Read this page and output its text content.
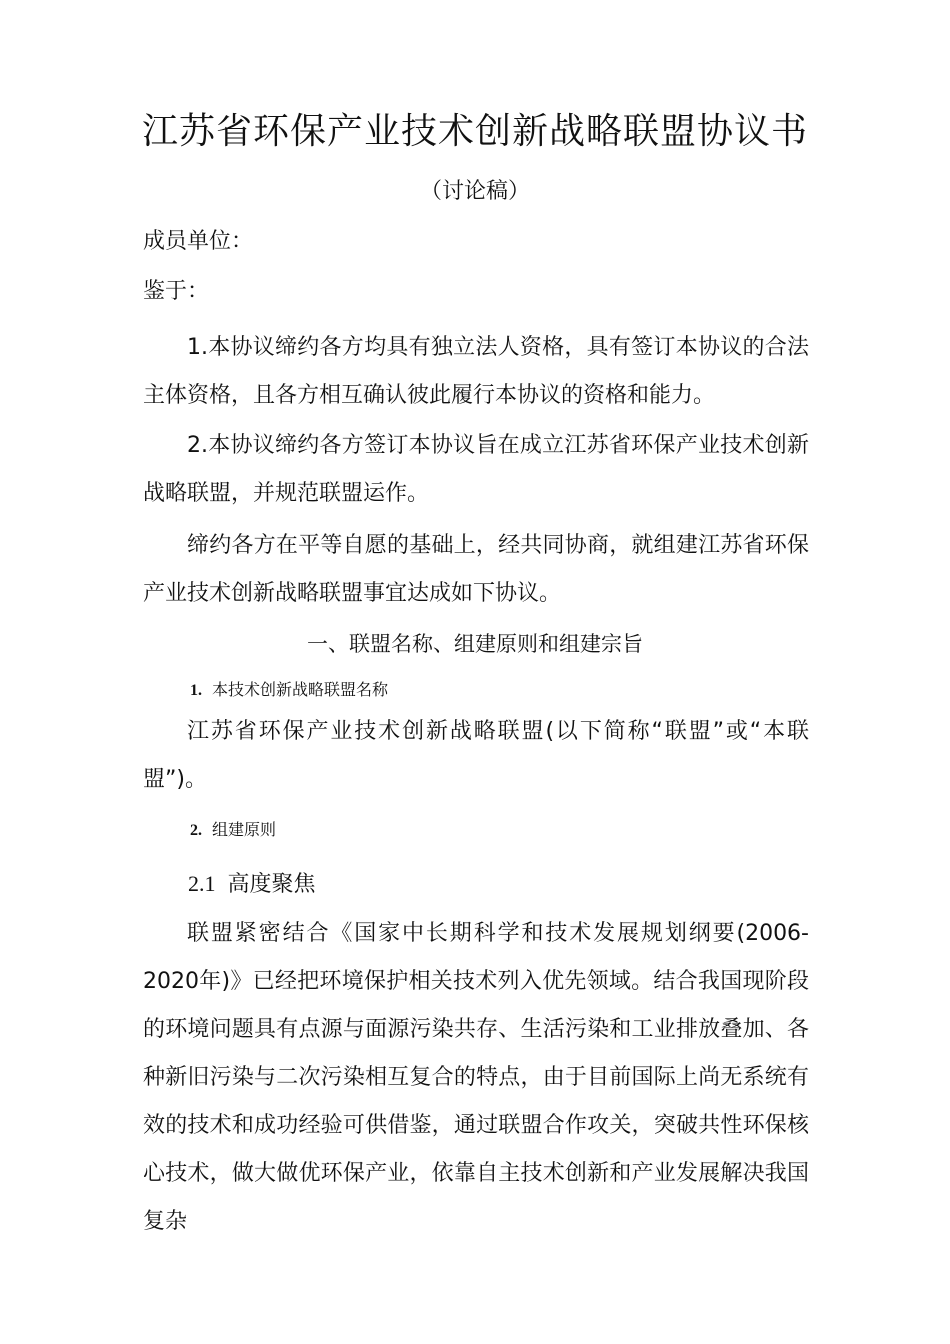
江苏省环保产业技术创新战略联盟协议书
（讨论稿）
成员单位：
鉴于：
1.本协议缔约各方均具有独立法人资格，具有签订本协议的合法主体资格，且各方相互确认彼此履行本协议的资格和能力。
2.本协议缔约各方签订本协议旨在成立江苏省环保产业技术创新战略联盟，并规范联盟运作。
缔约各方在平等自愿的基础上，经共同协商，就组建江苏省环保产业技术创新战略联盟事宜达成如下协议。
一、联盟名称、组建原则和组建宗旨
1. 本技术创新战略联盟名称
江苏省环保产业技术创新战略联盟(以下简称“联盟”或“本联盟”)。
2. 组建原则
2.1 高度聚焦
联盟紧密结合《国家中长期科学和技术发展规划纲要(2006-2020年)》已经把环境保护相关技术列入优先领域。结合我国现阶段的环境问题具有点源与面源污染共存、生活污染和工业排放叠加、各种新旧污染与二次污染相互复合的特点，由于目前国际上尚无系统有效的技术和成功经验可供借鉴，通过联盟合作攻关，突破共性环保核心技术，做大做优环保产业，依靠自主技术创新和产业发展解决我国复杂
